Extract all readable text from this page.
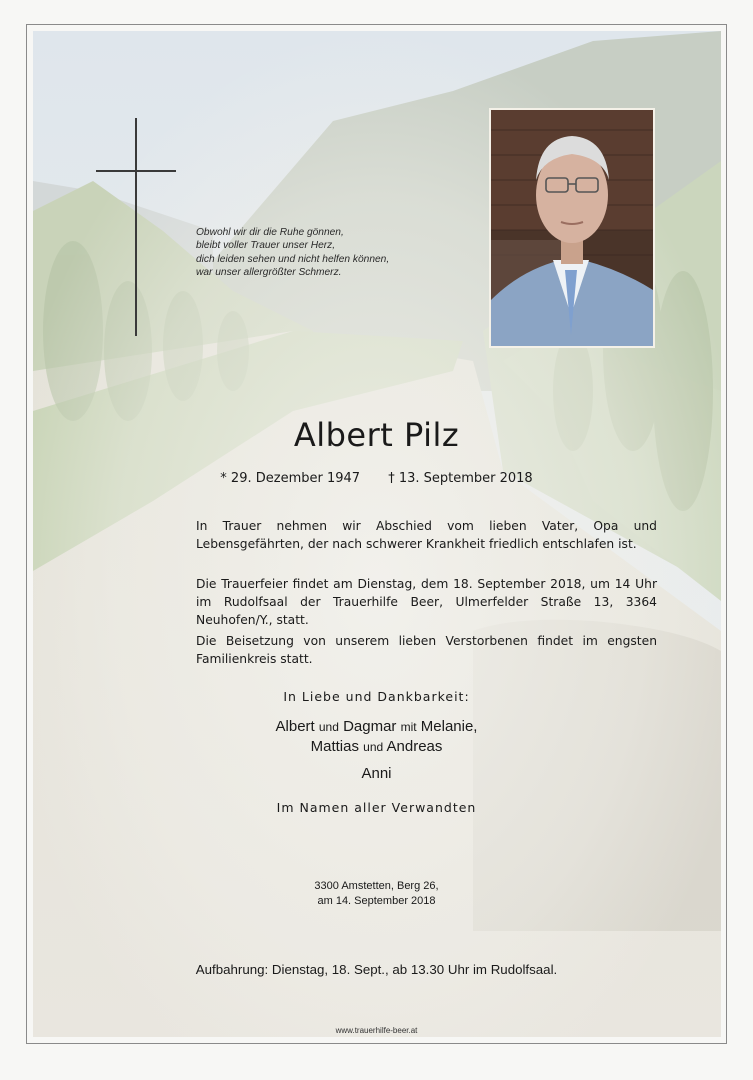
Obwohl wir dir die Ruhe gönnen,
bleibt voller Trauer unser Herz,
dich leiden sehen und nicht helfen können,
war unser allergrößter Schmerz.
Albert Pilz
* 29. Dezember 1947 † 13. September 2018
In Trauer nehmen wir Abschied vom lieben Vater, Opa und Lebensgefährten, der nach schwerer Krankheit friedlich entschlafen ist.
Die Trauerfeier findet am Dienstag, dem 18. September 2018, um 14 Uhr im Rudolfsaal der Trauerhilfe Beer, Ulmerfelder Straße 13, 3364 Neuhofen/Y., statt.
Die Beisetzung von unserem lieben Verstorbenen findet im engsten Familienkreis statt.
In Liebe und Dankbarkeit:
Albert und Dagmar mit Melanie,
Mattias und Andreas
Anni
Im Namen aller Verwandten
3300 Amstetten, Berg 26,
am 14. September 2018
Aufbahrung: Dienstag, 18. Sept., ab 13.30 Uhr im Rudolfsaal.
www.trauerhilfe-beer.at
